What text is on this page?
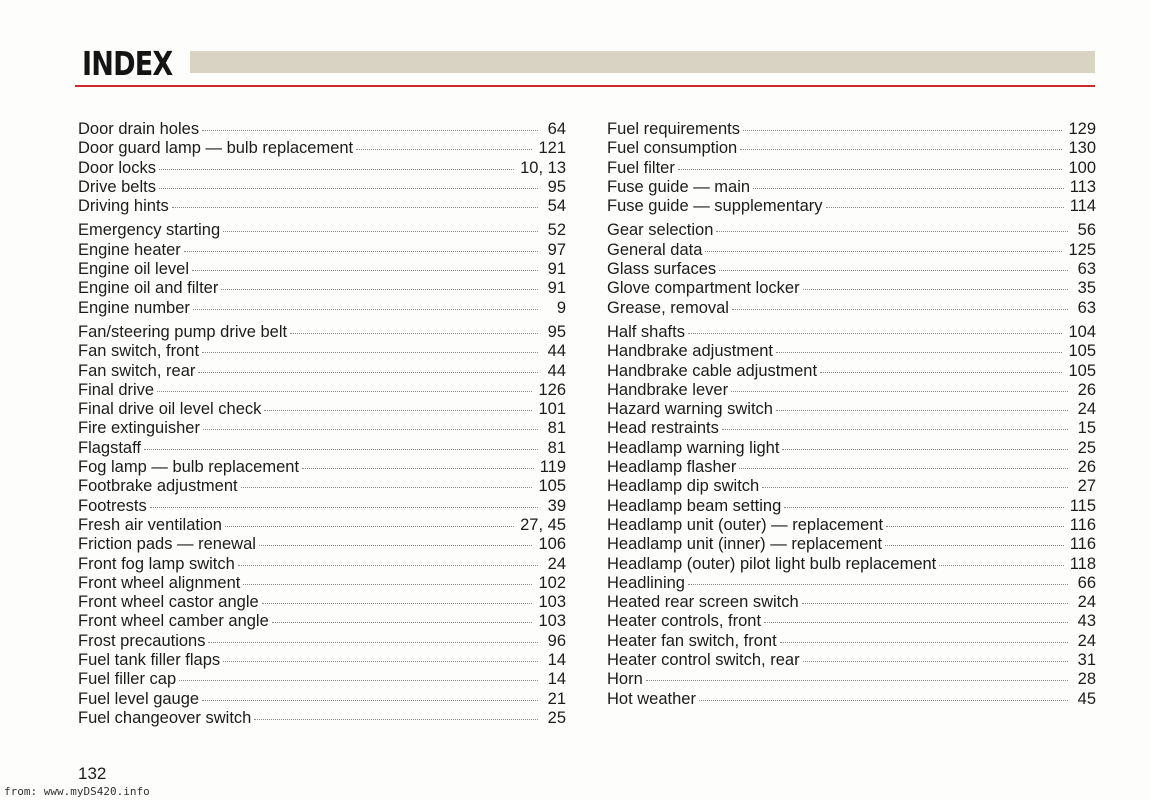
INDEX
Door drain holes	64
Door guard lamp — bulb replacement	121
Door locks	10, 13
Drive belts	95
Driving hints	54
Emergency starting	52
Engine heater	97
Engine oil level	91
Engine oil and filter	91
Engine number	9
Fan/steering pump drive belt	95
Fan switch, front	44
Fan switch, rear	44
Final drive	126
Final drive oil level check	101
Fire extinguisher	81
Flagstaff	81
Fog lamp — bulb replacement	119
Footbrake adjustment	105
Footrests	39
Fresh air ventilation	27, 45
Friction pads — renewal	106
Front fog lamp switch	24
Front wheel alignment	102
Front wheel castor angle	103
Front wheel camber angle	103
Frost precautions	96
Fuel tank filler flaps	14
Fuel filler cap	14
Fuel level gauge	21
Fuel changeover switch	25
Fuel requirements	129
Fuel consumption	130
Fuel filter	100
Fuse guide — main	113
Fuse guide — supplementary	114
Gear selection	56
General data	125
Glass surfaces	63
Glove compartment locker	35
Grease, removal	63
Half shafts	104
Handbrake adjustment	105
Handbrake cable adjustment	105
Handbrake lever	26
Hazard warning switch	24
Head restraints	15
Headlamp warning light	25
Headlamp flasher	26
Headlamp dip switch	27
Headlamp beam setting	115
Headlamp unit (outer) — replacement	116
Headlamp unit (inner) — replacement	116
Headlamp (outer) pilot light bulb replacement	118
Headlining	66
Heated rear screen switch	24
Heater controls, front	43
Heater fan switch, front	24
Heater control switch, rear	31
Horn	28
Hot weather	45
132
from: www.myDS420.info
